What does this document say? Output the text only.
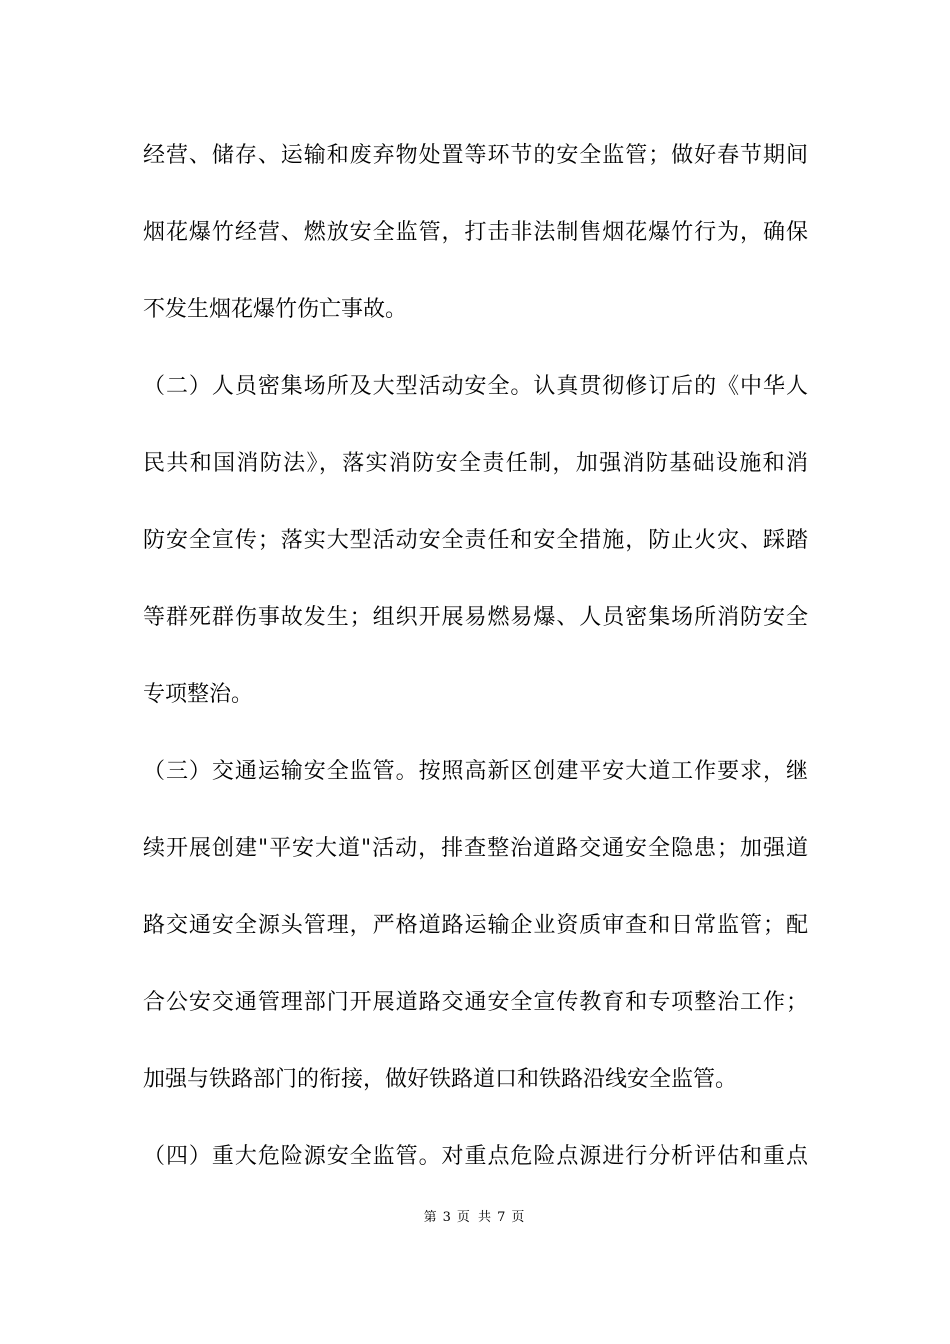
经营、储存、运输和废弃物处置等环节的安全监管；做好春节期间
烟花爆竹经营、燃放安全监管，打击非法制售烟花爆竹行为，确保
不发生烟花爆竹伤亡事故。
（二）人员密集场所及大型活动安全。认真贯彻修订后的《中华人
民共和国消防法》，落实消防安全责任制，加强消防基础设施和消
防安全宣传；落实大型活动安全责任和安全措施，防止火灾、踩踏
等群死群伤事故发生；组织开展易燃易爆、人员密集场所消防安全
专项整治。
（三）交通运输安全监管。按照高新区创建平安大道工作要求，继
续开展创建"平安大道"活动，排查整治道路交通安全隐患；加强道
路交通安全源头管理，严格道路运输企业资质审查和日常监管；配
合公安交通管理部门开展道路交通安全宣传教育和专项整治工作；
加强与铁路部门的衔接，做好铁路道口和铁路沿线安全监管。
（四）重大危险源安全监管。对重点危险点源进行分析评估和重点
第 3 页 共 7 页
